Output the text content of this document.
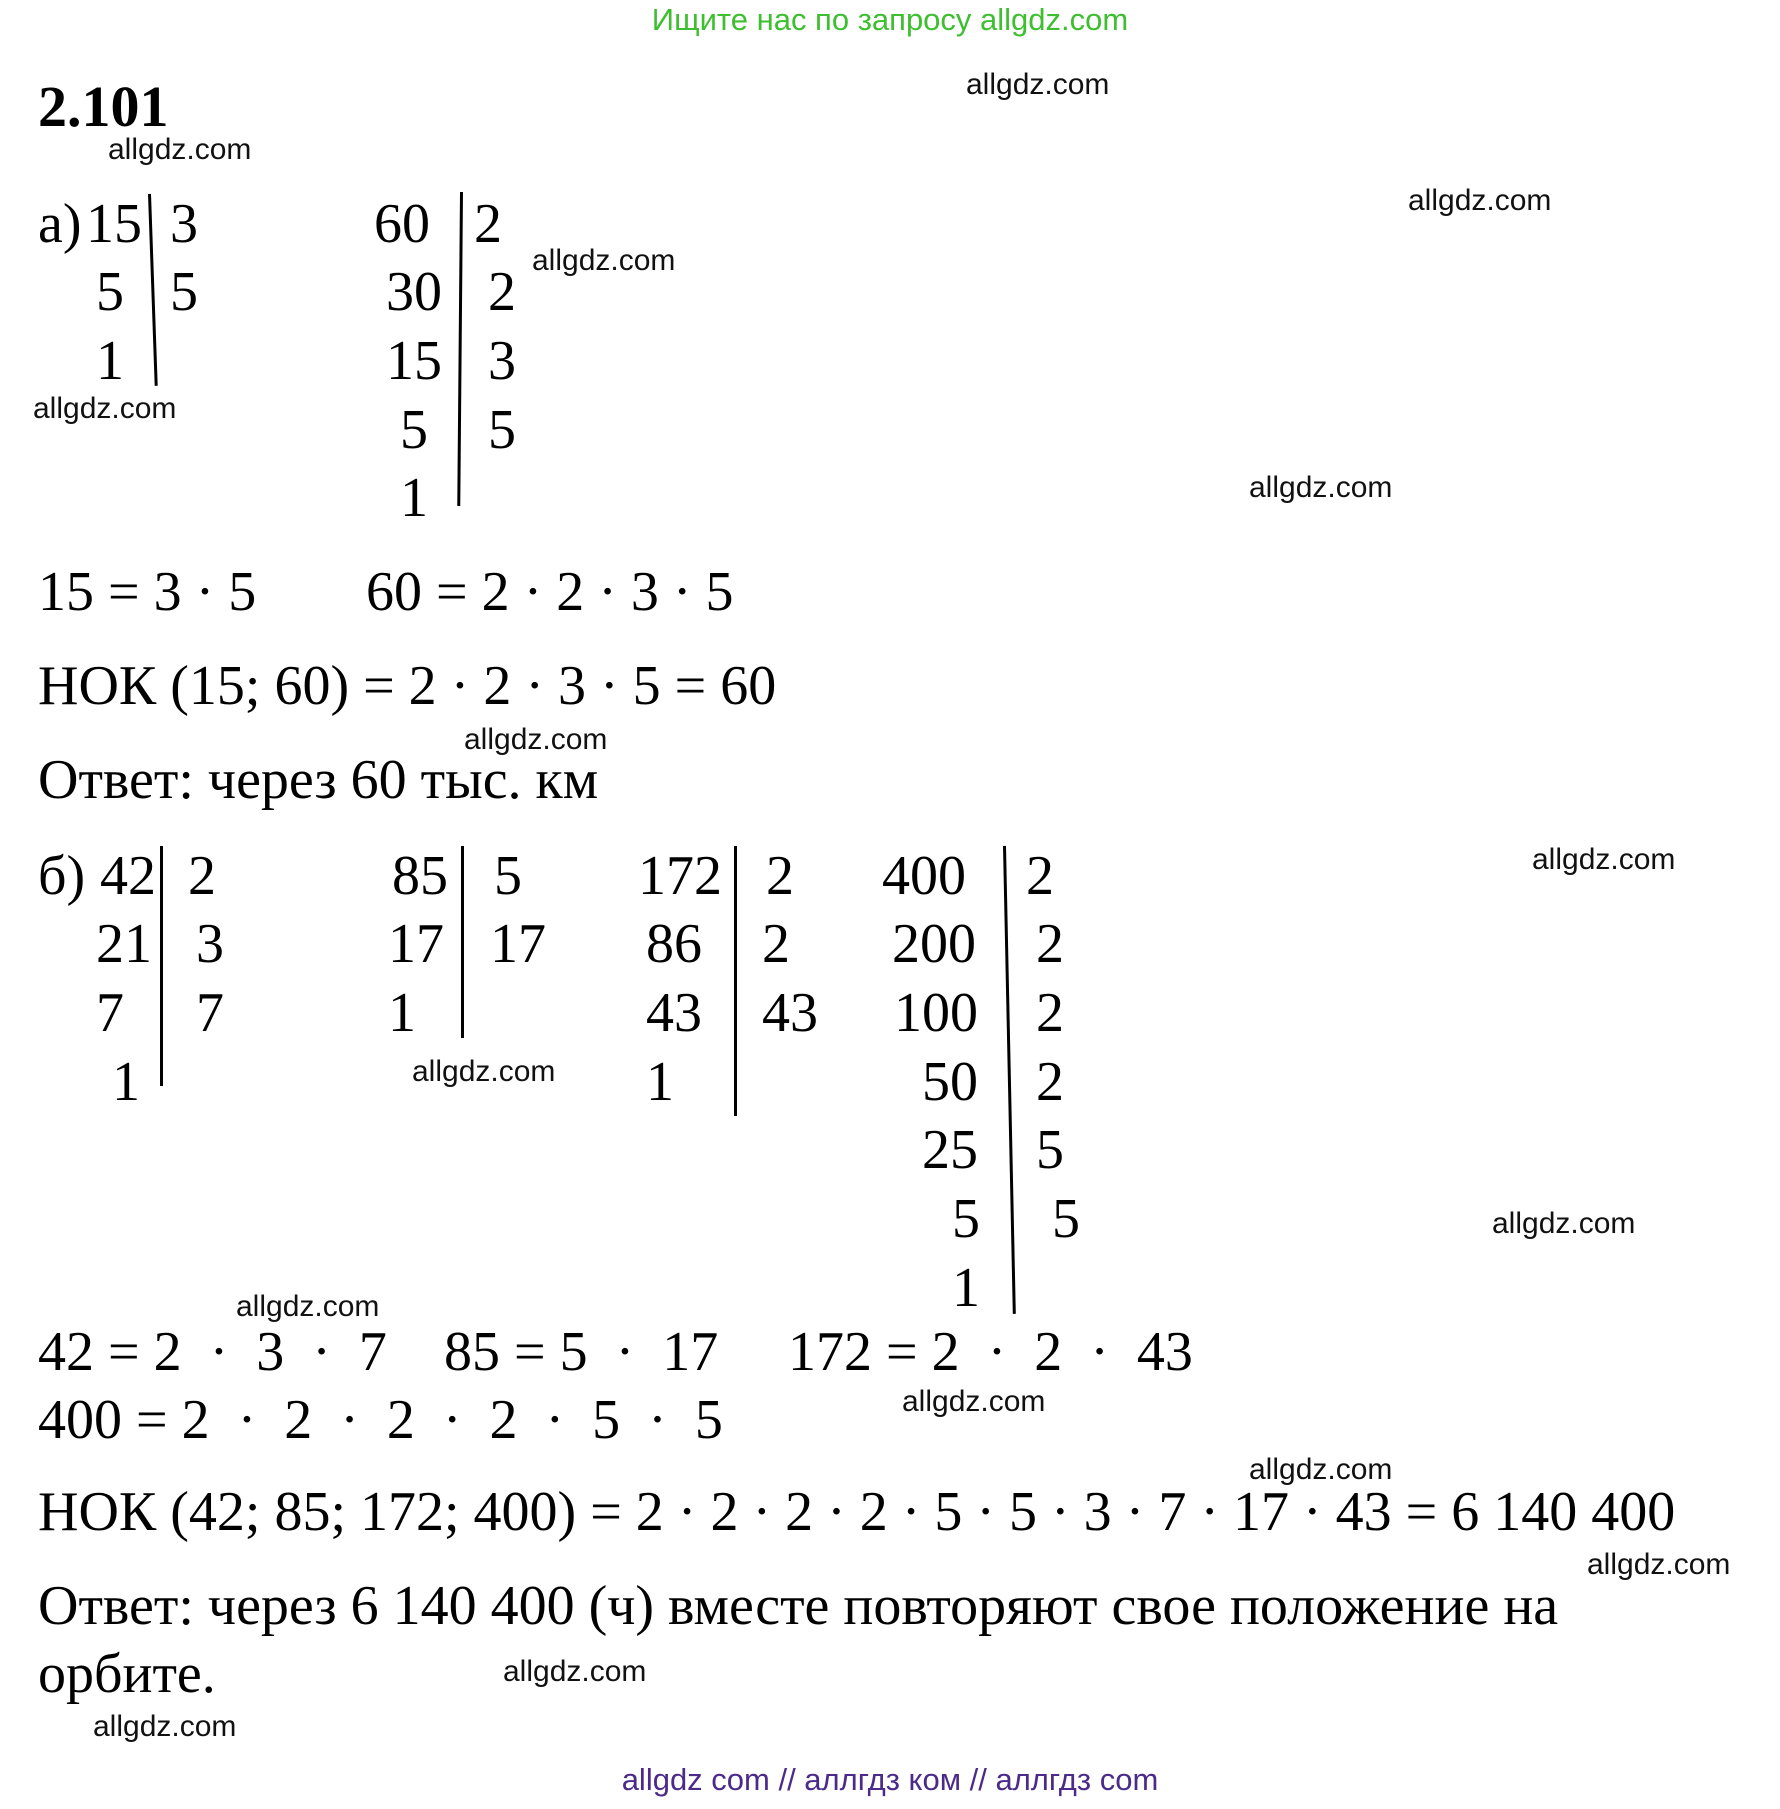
Ищите нас по запросу allgdz.com
allgdz com // аллгдз ком // аллгдз com
2.101	allgdz.com
allgdz.com
allgdz.com
allgdz.com
allgdz.com
allgdz.com
allgdz.com
allgdz.com
allgdz.com
allgdz.com
allgdz.com
allgdz.com
allgdz.com
allgdz.com
allgdz.com
allgdz.com
а) 15
5
1
3
5
60
30
15
5
1
2
2
3
5
15 = 3 · 5 60 = 2 · 2 · 3 · 5
НОК (15; 60) = 2 · 2 · 3 · 5 = 60
Ответ: через 60 тыс. км
б) 42
21
7
1
2
3
7
85
17
1
5
17
172
86
43
1
2
2
43
400
200
100
50
25
5
1
2
2
2
2
5
5
42 = 2  ·  3  ·  7 85 = 5  ·  17 172 = 2  ·  2  ·  43
400 = 2  ·  2  ·  2  ·  2  ·  5  ·  5
НОК (42; 85; 172; 400) = 2 · 2 · 2 · 2 · 5 · 5 · 3 · 7 · 17 · 43 = 6 140 400
Ответ: через 6 140 400 (ч) вместе повторяют свое положение на
орбите.
